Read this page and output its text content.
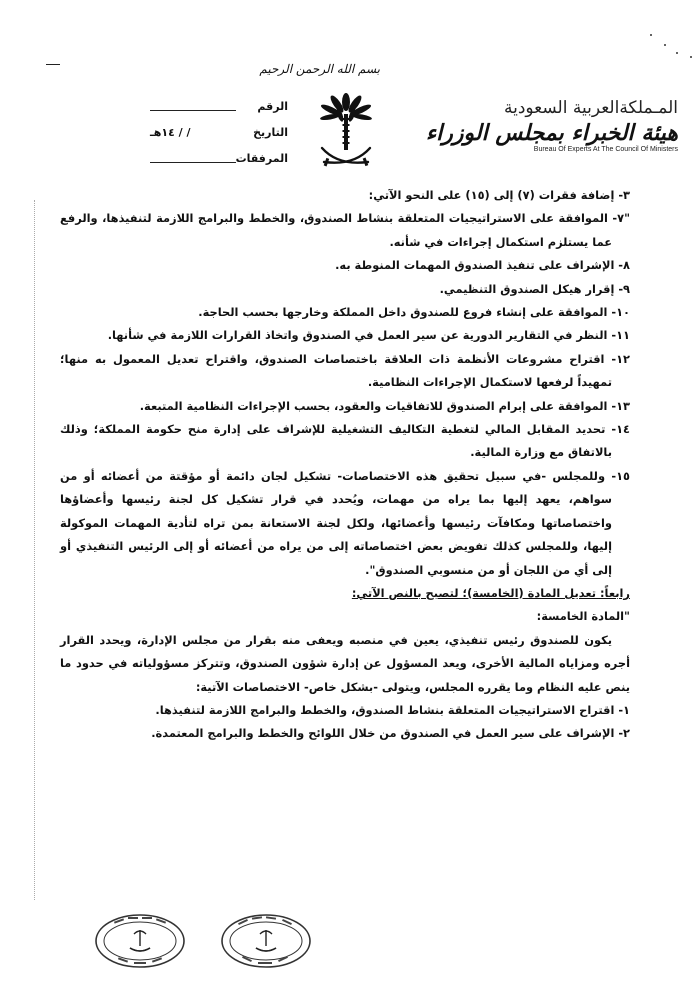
المـملكةالعربية السعودية
هيئة الخبراء بمجلس الوزراء
Bureau Of Experts At The Council Of Ministers
بسم الله الرحمن الرحيم
الرقم
التاريخ
/ / ١٤هـ
المرفقات

٣- إضافة فقرات (٧) إلى (١٥) على النحو الآتي:

"٧- الموافقة على الاستراتيجيات المتعلقة بنشاط الصندوق، والخطط والبرامج اللازمة لتنفيذها، والرفع عما يستلزم استكمال إجراءات في شأنه.

٨- الإشراف على تنفيذ الصندوق المهمات المنوطة به.

٩- إقرار هيكل الصندوق التنظيمي.

١٠- الموافقة على إنشاء فروع للصندوق داخل المملكة وخارجها بحسب الحاجة.

١١- النظر في التقارير الدورية عن سير العمل في الصندوق واتخاذ القرارات اللازمة في شأنها.

١٢- اقتراح مشروعات الأنظمة ذات العلاقة باختصاصات الصندوق، واقتراح تعديل المعمول به منها؛ تمهيداً لرفعها لاستكمال الإجراءات النظامية.

١٣- الموافقة على إبرام الصندوق للاتفاقيات والعقود، بحسب الإجراءات النظامية المتبعة.

١٤- تحديد المقابل المالي لتغطية التكاليف التشغيلية للإشراف على إدارة منح حكومة المملكة؛ وذلك بالاتفاق مع وزارة المالية.

١٥- وللمجلس -في سبيل تحقيق هذه الاختصاصات- تشكيل لجان دائمة أو مؤقتة من أعضائه أو من سواهم، يعهد إليها بما يراه من مهمات، ويُحدد في قرار تشكيل كل لجنة رئيسها وأعضاؤها واختصاصاتها ومكافآت رئيسها وأعضائها، ولكل لجنة الاستعانة بمن تراه لتأدية المهمات الموكولة إليها، وللمجلس كذلك تفويض بعض اختصاصاته إلى من يراه من أعضائه أو إلى الرئيس التنفيذي أو إلى أي من اللجان أو من منسوبي الصندوق".

رابعاً: تعديل المادة (الخامسة)؛ لتصبح بالنص الآتي:

"المادة الخامسة:

يكون للصندوق رئيس تنفيذي، يعين في منصبه ويعفى منه بقرار من مجلس الإدارة، ويحدد القرار أجره ومزاياه المالية الأخرى، ويعد المسؤول عن إدارة شؤون الصندوق، وتتركز مسؤولياته في حدود ما ينص عليه النظام وما يقرره المجلس، ويتولى -بشكل خاص- الاختصاصات الآتية:

١- اقتراح الاستراتيجيات المتعلقة بنشاط الصندوق، والخطط والبرامج اللازمة لتنفيذها.

٢- الإشراف على سير العمل في الصندوق من خلال اللوائح والخطط والبرامج المعتمدة.
